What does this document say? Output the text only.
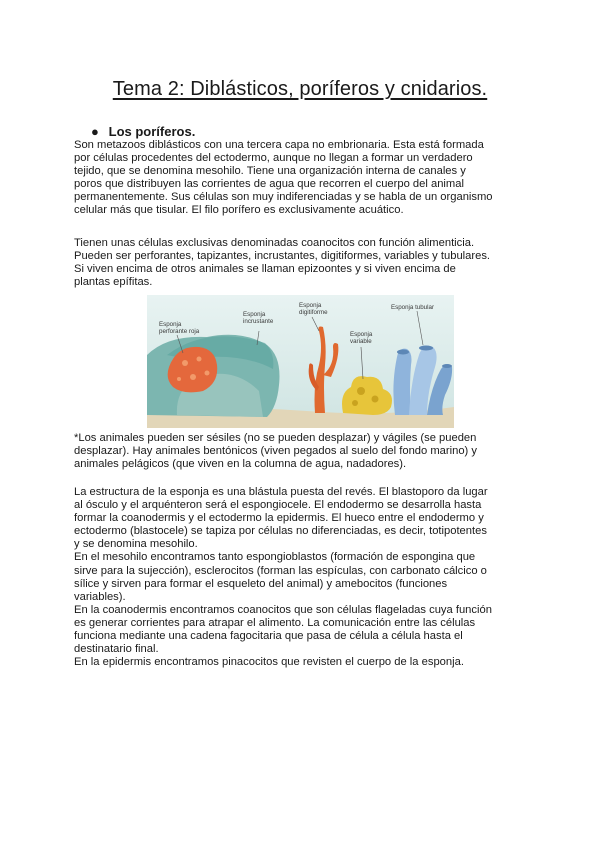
Tema 2: Diblásticos, poríferos y cnidarios.
● Los poríferos.
Son metazoos diblásticos con una tercera capa no embrionaria. Esta está formada
por células procedentes del ectodermo, aunque no llegan a formar un verdadero
tejido, que se denomina mesohilo. Tiene una organización interna de canales y
poros que distribuyen las corrientes de agua que recorren el cuerpo del animal
permanentemente. Sus células son muy indiferenciadas y se habla de un organismo
celular más que tisular. El filo porífero es exclusivamente acuático.
Tienen unas células exclusivas denominadas coanocitos con función alimenticia.
Pueden ser perforantes, tapizantes, incrustantes, digitiformes, variables y tubulares.
Si viven encima de otros animales se llaman epizoontes y si viven encima de
plantas epífitas.
Esponja
perforante roja
Esponja
incrustante
Esponja
digitiforme
Esponja
variable
Esponja tubular
*Los animales pueden ser sésiles (no se pueden desplazar) y vágiles (se pueden
desplazar). Hay animales bentónicos (viven pegados al suelo del fondo marino) y
animales pelágicos (que viven en la columna de agua, nadadores).
La estructura de la esponja es una blástula puesta del revés. El blastoporo da lugar
al ósculo y el arquénteron será el espongiocele. El endodermo se desarrolla hasta
formar la coanodermis y el ectodermo la epidermis. El hueco entre el endodermo y
ectodermo (blastocele) se tapiza por células no diferenciadas, es decir, totipotentes
y se denomina mesohilo.
En el mesohilo encontramos tanto espongioblastos (formación de espongina que
sirve para la sujección), esclerocitos (forman las espículas, con carbonato cálcico o
sílice y sirven para formar el esqueleto del animal) y amebocitos (funciones
variables).
En la coanodermis encontramos coanocitos que son células flageladas cuya función
es generar corrientes para atrapar el alimento. La comunicación entre las células
funciona mediante una cadena fagocitaria que pasa de célula a célula hasta el
destinatario final.
En la epidermis encontramos pinacocitos que revisten el cuerpo de la esponja.
